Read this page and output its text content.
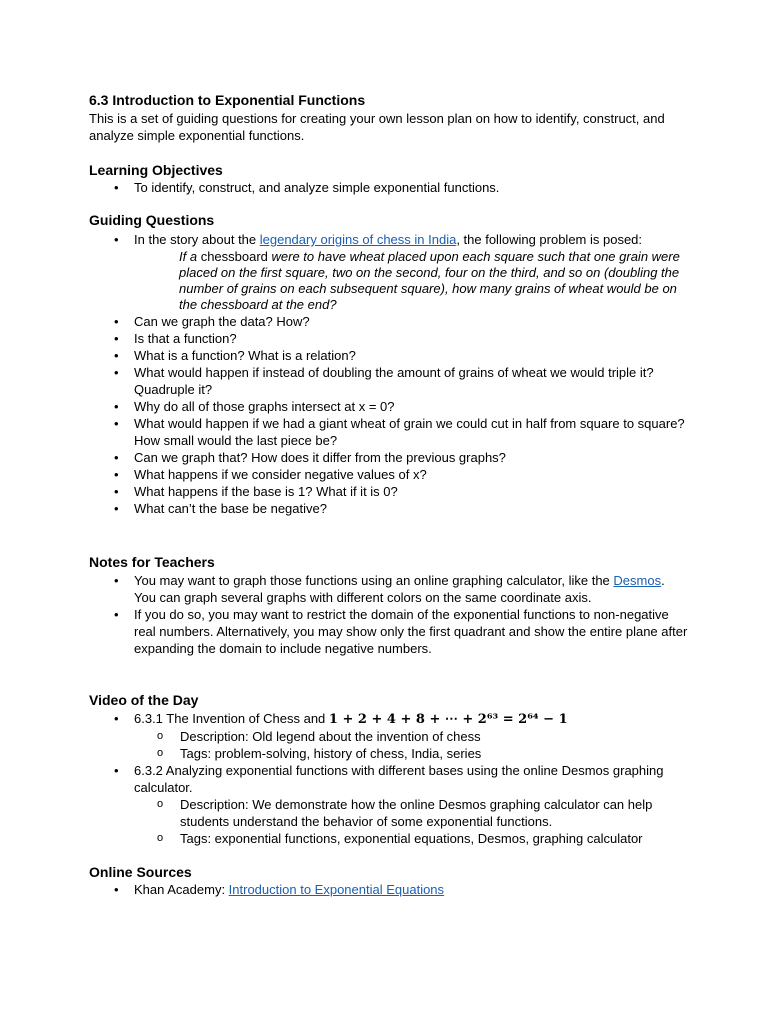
6.3 Introduction to Exponential Functions
This is a set of guiding questions for creating your own lesson plan on how to identify, construct, and analyze simple exponential functions.
Learning Objectives
• To identify, construct, and analyze simple exponential functions.
Guiding Questions
• In the story about the legendary origins of chess in India, the following problem is posed:
If a chessboard were to have wheat placed upon each square such that one grain were placed on the first square, two on the second, four on the third, and so on (doubling the number of grains on each subsequent square), how many grains of wheat would be on the chessboard at the end?
• Can we graph the data? How?
• Is that a function?
• What is a function? What is a relation?
• What would happen if instead of doubling the amount of grains of wheat we would triple it? Quadruple it?
• Why do all of those graphs intersect at x = 0?
• What would happen if we had a giant wheat of grain we could cut in half from square to square? How small would the last piece be?
• Can we graph that? How does it differ from the previous graphs?
• What happens if we consider negative values of x?
• What happens if the base is 1? What if it is 0?
• What can’t the base be negative?
Notes for Teachers
• You may want to graph those functions using an online graphing calculator, like the Desmos. You can graph several graphs with different colors on the same coordinate axis.
• If you do so, you may want to restrict the domain of the exponential functions to non-negative real numbers. Alternatively, you may show only the first quadrant and show the entire plane after expanding the domain to include negative numbers.
Video of the Day
• 6.3.1 The Invention of Chess and 1 + 2 + 4 + 8 + ⋯ + 2⁶³ = 2⁶⁴ − 1
o Description: Old legend about the invention of chess
o Tags: problem-solving, history of chess, India, series
• 6.3.2 Analyzing exponential functions with different bases using the online Desmos graphing calculator.
o Description: We demonstrate how the online Desmos graphing calculator can help students understand the behavior of some exponential functions.
o Tags: exponential functions, exponential equations, Desmos, graphing calculator
Online Sources
• Khan Academy: Introduction to Exponential Equations
